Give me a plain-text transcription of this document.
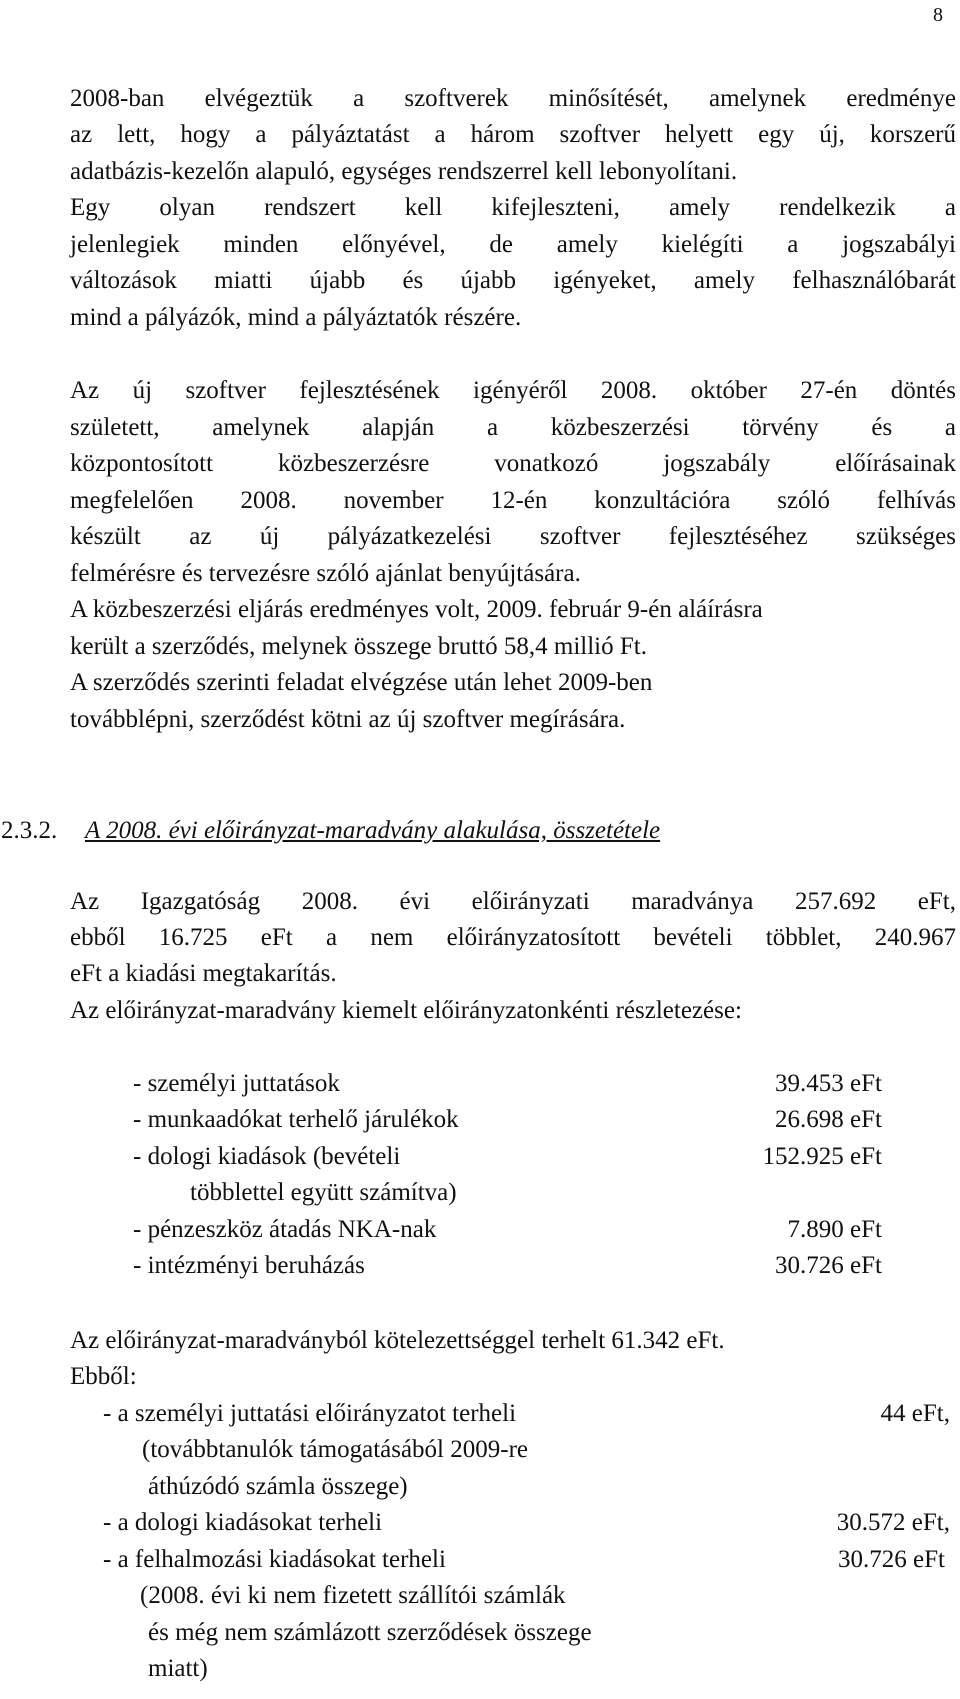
8
2008-ban elvégeztük a szoftverek minősítését, amelynek eredménye
az lett, hogy a pályáztatást a három szoftver helyett egy új, korszerű
adatbázis-kezelőn alapuló, egységes rendszerrel kell lebonyolítani.
Egy olyan rendszert kell kifejleszteni, amely rendelkezik a
jelenlegiek minden előnyével, de amely kielégíti a jogszabályi
változások miatti újabb és újabb igényeket, amely felhasználóbarát
mind a pályázók, mind a pályáztatók részére.
Az új szoftver fejlesztésének igényéről 2008. október 27-én döntés
született, amelynek alapján a közbeszerzési törvény és a
központosított közbeszerzésre vonatkozó jogszabály előírásainak
megfelelően 2008. november 12-én konzultációra szóló felhívás
készült az új pályázatkezelési szoftver fejlesztéséhez szükséges
felmérésre és tervezésre szóló ajánlat benyújtására.
A közbeszerzési eljárás eredményes volt, 2009. február 9-én aláírásra
került a szerződés, melynek összege bruttó 58,4 millió Ft.
A szerződés szerinti feladat elvégzése után lehet 2009-ben
továbblépni, szerződést kötni az új szoftver megírására.
2.3.2. A 2008. évi előirányzat-maradvány alakulása, összetétele
Az Igazgatóság 2008. évi előirányzati maradványa 257.692 eFt,
ebből 16.725 eFt a nem előirányzatosított bevételi többlet, 240.967
eFt a kiadási megtakarítás.
Az előirányzat-maradvány kiemelt előirányzatonkénti részletezése:
- személyi juttatások	39.453 eFt
- munkaadókat terhelő járulékok	26.698 eFt
- dologi kiadások (bevételi	152.925 eFt
többlettel együtt számítva)
- pénzeszköz átadás NKA-nak	7.890 eFt
- intézményi beruházás	30.726 eFt
Az előirányzat-maradványból kötelezettséggel terhelt 61.342 eFt.
Ebből:
- a személyi juttatási előirányzatot terheli	44 eFt,
(továbbtanulók támogatásából 2009-re
áthúzódó számla összege)
- a dologi kiadásokat terheli	30.572 eFt,
- a felhalmozási kiadásokat terheli	30.726 eFt
(2008. évi ki nem fizetett szállítói számlák
és még nem számlázott szerződések összege
miatt)
